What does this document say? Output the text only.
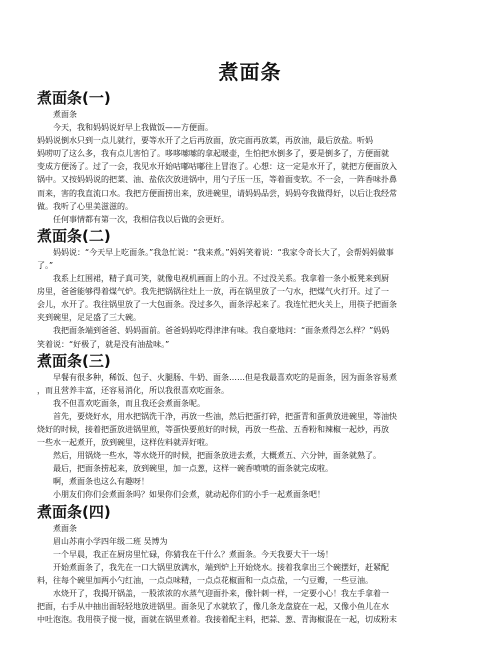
煮面条
煮面条(一)

煮面条

今天，我和妈妈说好早上我做饭——方便面。

妈妈说倒水只到一点儿就行，要等水开了之后再放面，放完面再放菜，再放油，最后放盐。听妈

妈唠叨了这么多，我有点儿害怕了。哆哆嗦嗦的拿起暖壶，生怕把水倒多了，要是倒多了，方便面就

变成方便汤了。过了一会，我见水开始咕嘟咕嘟往上冒泡了。心想：这一定是水开了，就把方便面放入

锅中。又按妈妈说的把菜、油、盐依次放进锅中，用勺子压一压，等着面变软。不一会，一阵香味扑鼻

而来，害的我直流口水。我把方便面捞出来，放进碗里，请妈妈品尝，妈妈夸我做得好，以后让我经常

做。我听了心里美滋滋的。

任何事情都有第一次，我相信我以后做的会更好。

煮面条(二)

妈妈说：“今天早上吃面条。”我急忙说：“我来煮。”妈妈笑着说：“我家令奇长大了，会帮妈妈做事

了。”

我系上红围裙，精子真可笑，就像电视机画面上的小丑。不过没关系。我拿着一条小板凳来到厨

房里，爸爸能够得着煤气炉。我先把锅锅往灶上一放，再在锅里放了一勺水，把煤气火打开。过了一

会儿，水开了。我往锅里放了一大包面条。没过多久，面条浮起来了。我连忙把火关上，用筷子把面条

夹到碗里，足足盛了三大碗。

我把面条端到爸爸、妈妈面前。爸爸妈妈吃得津津有味。我自豪地问：“面条煮得怎么样？”妈妈

笑着说：“好极了，就是没有油盐味。”

煮面条(三)

早餐有很多种，稀饭、包子、火腿肠、牛奶、面条……但是我最喜欢吃的是面条，因为面条容易煮

，而且营养丰富，还容易消化，所以我很喜欢吃面条。

我不但喜欢吃面条，而且我还会煮面条呢。

首先，要烧好水，用水把锅洗干净，再放一些油，然后把蛋打碎，把蛋青和蛋黄放进碗里，等油快

烧好的时候，接着把蛋放进锅里煎，等蛋快要煎好的时候，再放一些盐、五香粉和辣椒一起炒，再放

一些水一起煮开，放到碗里，这样佐料就弄好啦。

然后，用锅烧一些水，等水烧开的时候，把面条放进去煮，大概煮五、六分钟，面条就熟了。

最后，把面条捞起来，放到碗里，加一点葱，这样一碗香喷喷的面条就完成啦。

啊，煮面条也这么有趣呀！

小朋友们你们会煮面条吗？如果你们会煮，就动起你们的小手一起煮面条吧！

煮面条(四)

煮面条

眉山苏南小学四年级二班 吴博为

一个早晨，我正在厨房里忙碌，你猜我在干什么？煮面条。今天我要大干一场！

开始煮面条了，我先在一口大锅里放满水，端到炉上开始烧水。接着我拿出三个碗摆好，赶紧配

料，往每个碗里加两小勺红油，一点点味精，一点点花椒面和一点点盐，一勺豆瓣，一些豆油。

水烧开了，我揭开锅盖，一股浓浓的水蒸气迎面扑来，像针刺一样，一定要小心！我左手拿着一

把面，右手从中抽出面轻轻地放进锅里。面条见了水就软了，像几条龙盘旋在一起，又像小鱼儿在水

中吐泡泡。我用筷子搅一搅，面就在锅里煮着。我接着配主料，把蒜、葱、青海椒混在一起，切成粉末
